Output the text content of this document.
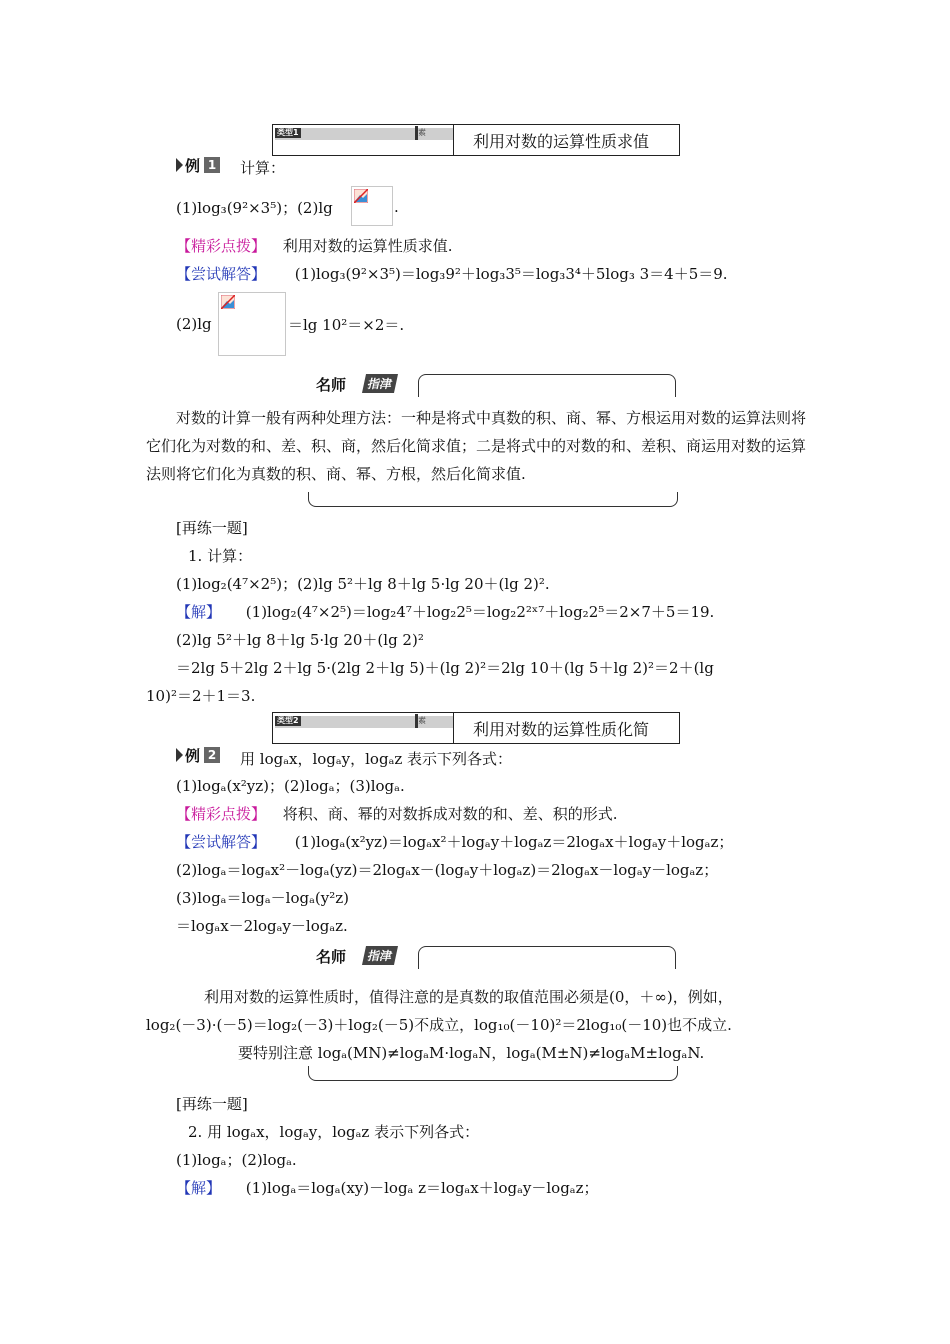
类型1	素	利用对数的运算性质求值
例 1 计算：
(1)log₃(9²×3⁵)；(2)lg	.
【精彩点拨】 利用对数的运算性质求值.
【尝试解答】 (1)log₃(9²×3⁵)＝log₃9²＋log₃3⁵＝log₃3⁴＋5log₃ 3＝4＋5＝9.
(2)lg	＝lg 10²＝×2＝.
名师	指津
对数的计算一般有两种处理方法：一种是将式中真数的积、商、幂、方根运用对数的运算法则将它们化为对数的和、差、积、商，然后化简求值；二是将式中的对数的和、差积、商运用对数的运算法则将它们化为真数的积、商、幂、方根，然后化简求值.
[再练一题]
1. 计算：
(1)log₂(4⁷×2⁵)；(2)lg 5²＋lg 8＋lg 5·lg 20＋(lg 2)².
【解】 (1)log₂(4⁷×2⁵)＝log₂4⁷＋log₂2⁵＝log₂2²ˣ⁷＋log₂2⁵＝2×7＋5＝19.
(2)lg 5²＋lg 8＋lg 5·lg 20＋(lg 2)²
＝2lg 5＋2lg 2＋lg 5·(2lg 2＋lg 5)＋(lg 2)²＝2lg 10＋(lg 5＋lg 2)²＝2＋(lg
10)²＝2＋1＝3.
类型2	素	利用对数的运算性质化简
例 2 用 logₐx，logₐy，logₐz 表示下列各式：
(1)logₐ(x²yz)；(2)logₐ；(3)logₐ.
【精彩点拨】 将积、商、幂的对数拆成对数的和、差、积的形式.
【尝试解答】 (1)logₐ(x²yz)＝logₐx²＋logₐy＋logₐz＝2logₐx＋logₐy＋logₐz；
(2)logₐ＝logₐx²－logₐ(yz)＝2logₐx－(logₐy＋logₐz)＝2logₐx－logₐy－logₐz；
(3)logₐ＝logₐ－logₐ(y²z)
＝logₐx－2logₐy－logₐz.
名师	指津
利用对数的运算性质时，值得注意的是真数的取值范围必须是(0，＋∞)，例如，
log₂(－3)·(－5)＝log₂(－3)＋log₂(－5)不成立，log₁₀(－10)²＝2log₁₀(－10)也不成立.
要特别注意 logₐ(MN)≠logₐM·logₐN，logₐ(M±N)≠logₐM±logₐN.
[再练一题]
2. 用 logₐx，logₐy，logₐz 表示下列各式：
(1)logₐ；(2)logₐ.
【解】 (1)logₐ＝logₐ(xy)－logₐ z＝logₐx＋logₐy－logₐz；
